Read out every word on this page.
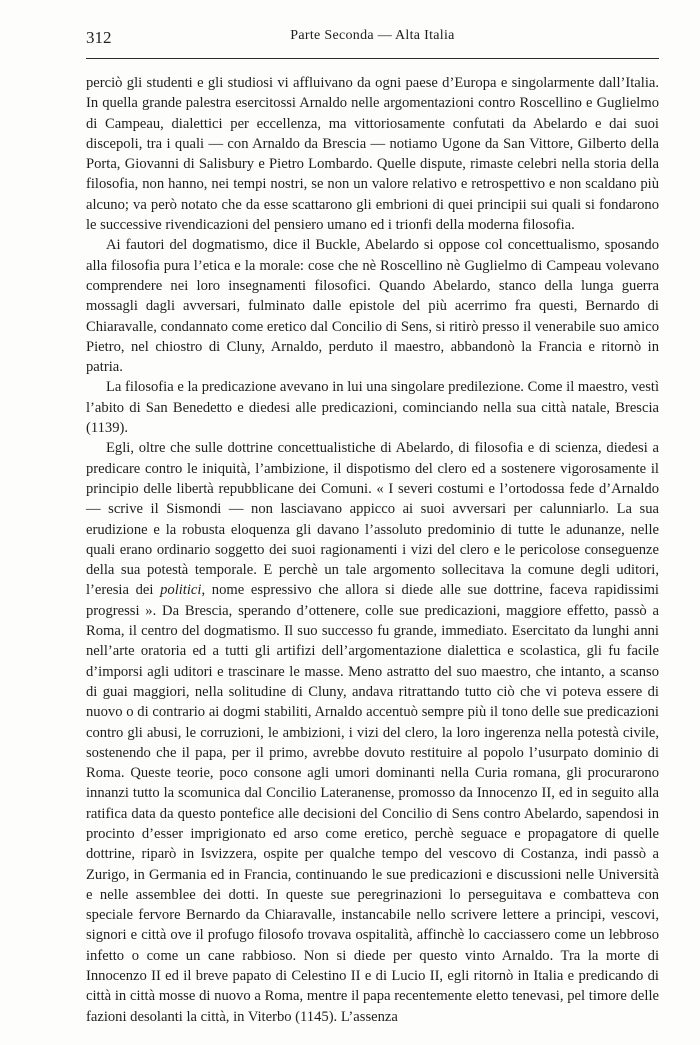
312	Parte Seconda — Alta Italia

perciò gli studenti e gli studiosi vi affluivano da ogni paese d’Europa e singolarmente dall’Italia. In quella grande palestra esercitossi Arnaldo nelle argomentazioni contro Roscellino e Guglielmo di Campeau, dialettici per eccellenza, ma vittoriosamente confutati da Abelardo e dai suoi discepoli, tra i quali — con Arnaldo da Brescia — notiamo Ugone da San Vittore, Gilberto della Porta, Giovanni di Salisbury e Pietro Lombardo. Quelle dispute, rimaste celebri nella storia della filosofia, non hanno, nei tempi nostri, se non un valore relativo e retrospettivo e non scaldano più alcuno; va però notato che da esse scattarono gli embrioni di quei principii sui quali si fondarono le successive rivendicazioni del pensiero umano ed i trionfi della moderna filosofia.

Ai fautori del dogmatismo, dice il Buckle, Abelardo si oppose col concettualismo, sposando alla filosofia pura l’etica e la morale: cose che nè Roscellino nè Guglielmo di Campeau volevano comprendere nei loro insegnamenti filosofici. Quando Abelardo, stanco della lunga guerra mossagli dagli avversari, fulminato dalle epistole del più acerrimo fra questi, Bernardo di Chiaravalle, condannato come eretico dal Concilio di Sens, si ritirò presso il venerabile suo amico Pietro, nel chiostro di Cluny, Arnaldo, perduto il maestro, abbandonò la Francia e ritornò in patria.

La filosofia e la predicazione avevano in lui una singolare predilezione. Come il maestro, vestì l’abito di San Benedetto e diedesi alle predicazioni, cominciando nella sua città natale, Brescia (1139).

Egli, oltre che sulle dottrine concettualistiche di Abelardo, di filosofia e di scienza, diedesi a predicare contro le iniquità, l’ambizione, il dispotismo del clero ed a sostenere vigorosamente il principio delle libertà repubblicane dei Comuni. « I severi costumi e l’ortodossa fede d’Arnaldo — scrive il Sismondi — non lasciavano appicco ai suoi avversari per calunniarlo. La sua erudizione e la robusta eloquenza gli davano l’assoluto predominio di tutte le adunanze, nelle quali erano ordinario soggetto dei suoi ragionamenti i vizi del clero e le pericolose conseguenze della sua potestà temporale. E perchè un tale argomento sollecitava la comune degli uditori, l’eresia dei politici, nome espressivo che allora si diede alle sue dottrine, faceva rapidissimi progressi ». Da Brescia, sperando d’ottenere, colle sue predicazioni, maggiore effetto, passò a Roma, il centro del dogmatismo. Il suo successo fu grande, immediato. Esercitato da lunghi anni nell’arte oratoria ed a tutti gli artifizi dell’argomentazione dialettica e scolastica, gli fu facile d’imporsi agli uditori e trascinare le masse. Meno astratto del suo maestro, che intanto, a scanso di guai maggiori, nella solitudine di Cluny, andava ritrattando tutto ciò che vi poteva essere di nuovo o di contrario ai dogmi stabiliti, Arnaldo accentuò sempre più il tono delle sue predicazioni contro gli abusi, le corruzioni, le ambizioni, i vizi del clero, la loro ingerenza nella potestà civile, sostenendo che il papa, per il primo, avrebbe dovuto restituire al popolo l’usurpato dominio di Roma. Queste teorie, poco consone agli umori dominanti nella Curia romana, gli procurarono innanzi tutto la scomunica dal Concilio Lateranense, promosso da Innocenzo II, ed in seguito alla ratifica data da questo pontefice alle decisioni del Concilio di Sens contro Abelardo, sapendosi in procinto d’esser imprigionato ed arso come eretico, perchè seguace e propagatore di quelle dottrine, riparò in Isvizzera, ospite per qualche tempo del vescovo di Costanza, indi passò a Zurigo, in Germania ed in Francia, continuando le sue predicazioni e discussioni nelle Università e nelle assemblee dei dotti. In queste sue peregrinazioni lo perseguitava e combatteva con speciale fervore Bernardo da Chiaravalle, instancabile nello scrivere lettere a principi, vescovi, signori e città ove il profugo filosofo trovava ospitalità, affinchè lo cacciassero come un lebbroso infetto o come un cane rabbioso. Non si diede per questo vinto Arnaldo. Tra la morte di Innocenzo II ed il breve papato di Celestino II e di Lucio II, egli ritornò in Italia e predicando di città in città mosse di nuovo a Roma, mentre il papa recentemente eletto tenevasi, pel timore delle fazioni desolanti la città, in Viterbo (1145). L’assenza
